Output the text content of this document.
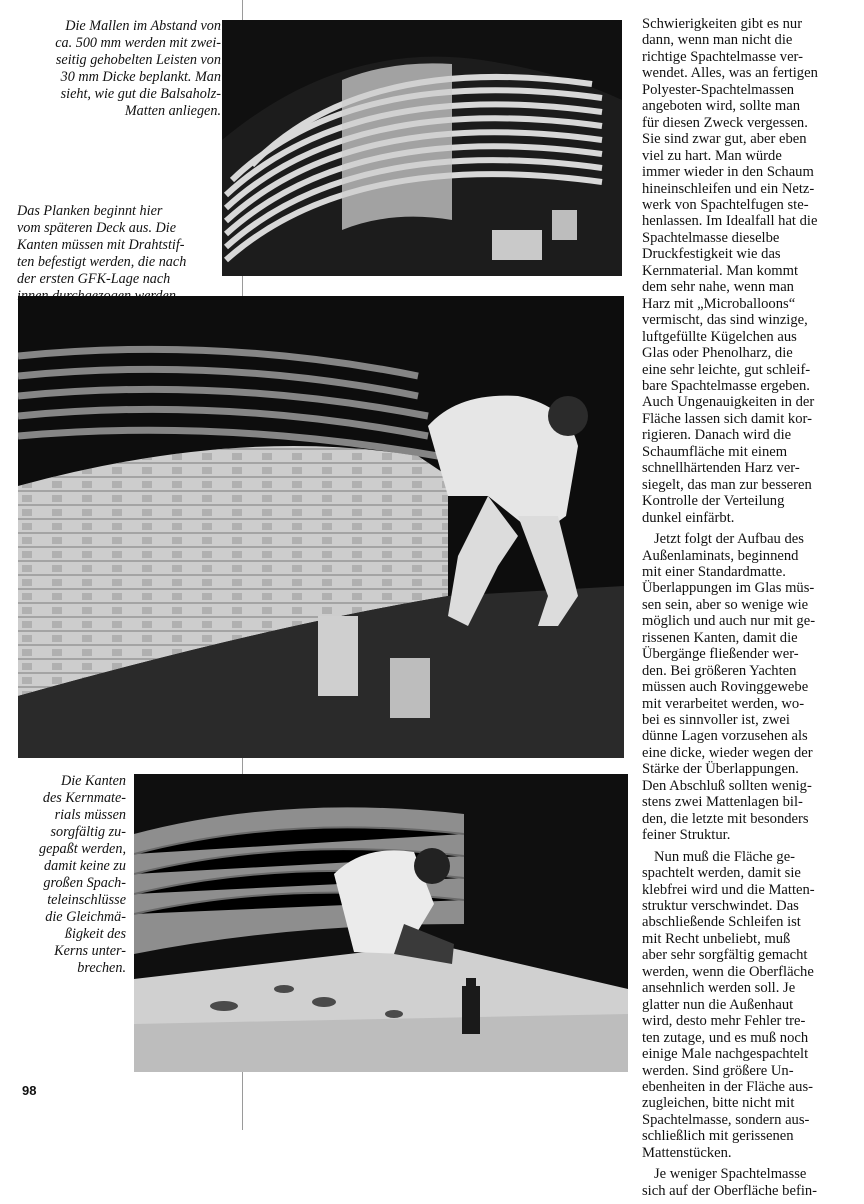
Die Mallen im Abstand von
ca. 500 mm werden mit zwei-
seitig gehobelten Leisten von
30 mm Dicke beplankt. Man
sieht, wie gut die Balsaholz-
Matten anliegen.

Das Planken beginnt hier
vom späteren Deck aus. Die
Kanten müssen mit Drahtstif-
ten befestigt werden, die nach
der ersten GFK-Lage nach

Die Kanten
des Kernmate-
rials müssen
sorgfältig zu-
gepaßt werden,
damit keine zu
großen Spach-
teleinschlüsse
die Gleichmä-
ßigkeit des
Kerns unter-
brechen.

Schwierigkeiten gibt es nur
dann, wenn man nicht die
richtige Spachtelmasse ver-
wendet. Alles, was an fertigen
Polyester-Spachtelmassen
angeboten wird, sollte man
für diesen Zweck vergessen.
Sie sind zwar gut, aber eben
viel zu hart. Man würde
immer wieder in den Schaum
hineinschleifen und ein Netz-
werk von Spachtelfugen ste-
henlassen. Im Idealfall hat die
Spachtelmasse dieselbe
Druckfestigkeit wie das
Kernmaterial. Man kommt
dem sehr nahe, wenn man
Harz mit „Microballoons“
vermischt, das sind winzige,
luftgefüllte Kügelchen aus
Glas oder Phenolharz, die
eine sehr leichte, gut schleif-
bare Spachtelmasse ergeben.
Auch Ungenauigkeiten in der
Fläche lassen sich damit kor-
rigieren. Danach wird die
Schaumfläche mit einem
schnellhärtenden Harz ver-
siegelt, das man zur besseren
Kontrolle der Verteilung
dunkel einfärbt.

Jetzt folgt der Aufbau des
Außenlaminats, beginnend
mit einer Standardmatte.
Überlappungen im Glas müs-
sen sein, aber so wenige wie
möglich und auch nur mit ge-
rissenen Kanten, damit die
Übergänge fließender wer-
den. Bei größeren Yachten
müssen auch Rovinggewebe
mit verarbeitet werden, wo-
bei es sinnvoller ist, zwei
dünne Lagen vorzusehen als
eine dicke, wieder wegen der
Stärke der Überlappungen.
Den Abschluß sollten wenig-
stens zwei Mattenlagen bil-
den, die letzte mit besonders
feiner Struktur.

Nun muß die Fläche ge-
spachtelt werden, damit sie
klebfrei wird und die Matten-
struktur verschwindet. Das
abschließende Schleifen ist
mit Recht unbeliebt, muß
aber sehr sorgfältig gemacht
werden, wenn die Oberfläche
ansehnlich werden soll. Je
glatter nun die Außenhaut
wird, desto mehr Fehler tre-
ten zutage, und es muß noch
einige Male nachgespachtelt
werden. Sind größere Un-
ebenheiten in der Fläche aus-
zugleichen, bitte nicht mit
Spachtelmasse, sondern aus-
schließlich mit gerissenen
Mattenstücken.

Je weniger Spachtelmasse
sich auf der Oberfläche befin-

98
